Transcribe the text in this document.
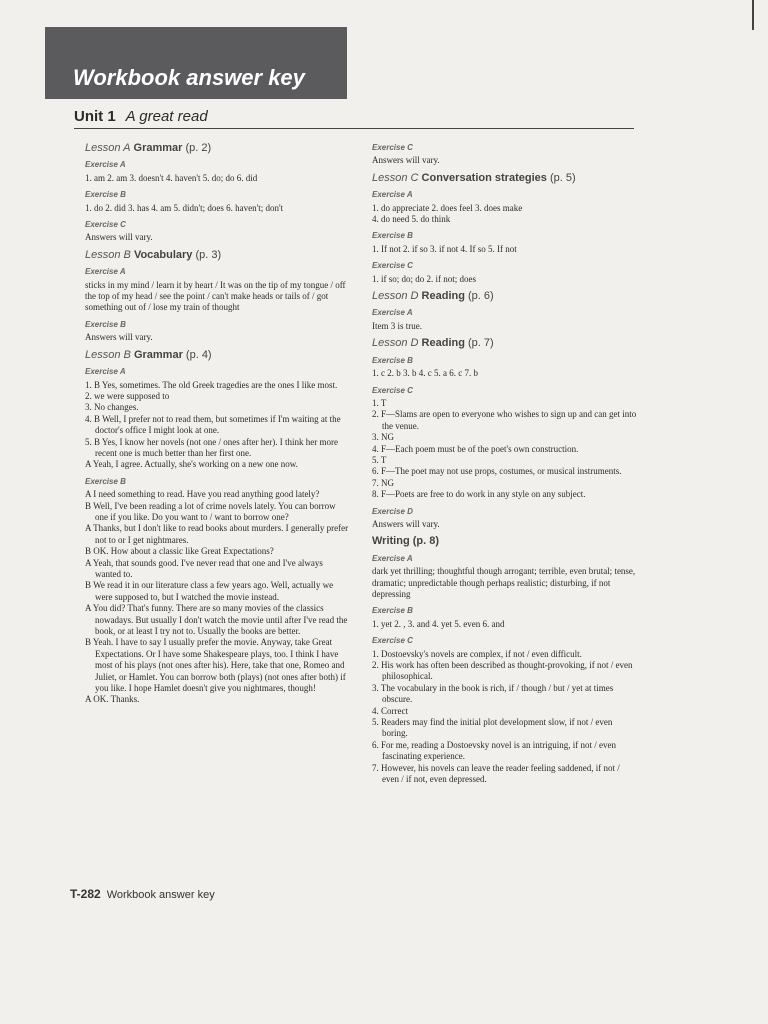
Workbook answer key
Unit 1 A great read
Lesson A Grammar (p. 2)
Exercise A
1. am 2. am 3. doesn't 4. haven't 5. do; do 6. did
Exercise B
1. do 2. did 3. has 4. am 5. didn't; does 6. haven't; don't
Exercise C
Answers will vary.
Lesson B Vocabulary (p. 3)
Exercise A
sticks in my mind / learn it by heart / It was on the tip of my tongue / off the top of my head / see the point / can't make heads or tails of / got something out of / lose my train of thought
Exercise B
Answers will vary.
Lesson B Grammar (p. 4)
Exercise A
1. B Yes, sometimes. The old Greek tragedies are the ones I like most.
2. we were supposed to
3. No changes.
4. B Well, I prefer not to read them, but sometimes if I'm waiting at the doctor's office I might look at one.
5. B Yes, I know her novels (not one / ones after her). I think her more recent one is much better than her first one.
A Yeah, I agree. Actually, she's working on a new one now.
Exercise B
A I need something to read. Have you read anything good lately?
B Well, I've been reading a lot of crime novels lately. You can borrow one if you like. Do you want to / want to borrow one?
A Thanks, but I don't like to read books about murders. I generally prefer not to or I get nightmares.
B OK. How about a classic like Great Expectations?
A Yeah, that sounds good. I've never read that one and I've always wanted to.
B We read it in our literature class a few years ago. Well, actually we were supposed to, but I watched the movie instead.
A You did? That's funny. There are so many movies of the classics nowadays. But usually I don't watch the movie until after I've read the book, or at least I try not to. Usually the books are better.
B Yeah. I have to say I usually prefer the movie. Anyway, take Great Expectations. Or I have some Shakespeare plays, too. I think I have most of his plays (not ones after his). Here, take that one, Romeo and Juliet, or Hamlet. You can borrow both (plays) (not ones after both) if you like. I hope Hamlet doesn't give you nightmares, though!
A OK. Thanks.
Exercise C
Answers will vary.
Lesson C Conversation strategies (p. 5)
Exercise A
1. do appreciate 2. does feel 3. does make
4. do need 5. do think
Exercise B
1. If not 2. if so 3. if not 4. If so 5. If not
Exercise C
1. if so; do; do 2. if not; does
Lesson D Reading (p. 6)
Exercise A
Item 3 is true.
Lesson D Reading (p. 7)
Exercise B
1. c 2. b 3. b 4. c 5. a 6. c 7. b
Exercise C
1. T
2. F—Slams are open to everyone who wishes to sign up and can get into the venue.
3. NG
4. F—Each poem must be of the poet's own construction.
5. T
6. F—The poet may not use props, costumes, or musical instruments.
7. NG
8. F—Poets are free to do work in any style on any subject.
Exercise D
Answers will vary.
Writing (p. 8)
Exercise A
dark yet thrilling; thoughtful though arrogant; terrible, even brutal; tense, dramatic; unpredictable though perhaps realistic; disturbing, if not depressing
Exercise B
1. yet 2. , 3. and 4. yet 5. even 6. and
Exercise C
1. Dostoevsky's novels are complex, if not / even difficult.
2. His work has often been described as thought-provoking, if not / even philosophical.
3. The vocabulary in the book is rich, if / though / but / yet at times obscure.
4. Correct
5. Readers may find the initial plot development slow, if not / even boring.
6. For me, reading a Dostoevsky novel is an intriguing, if not / even fascinating experience.
7. However, his novels can leave the reader feeling saddened, if not / even / if not, even depressed.
T-282 Workbook answer key
